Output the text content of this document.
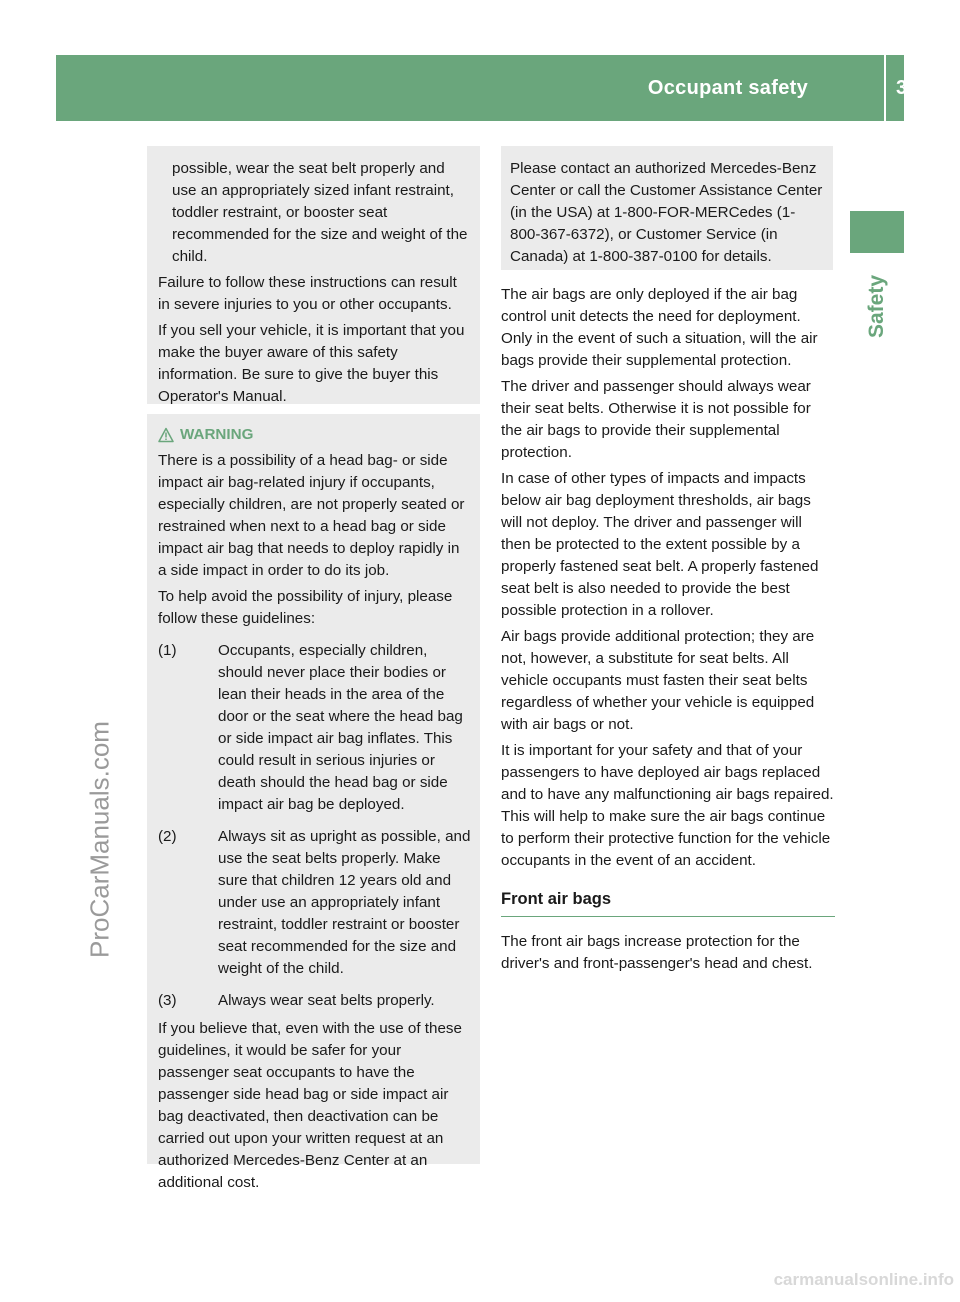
Occupant safety	39
Safety
ProCarManuals.com

possible, wear the seat belt properly and use an appropriately sized infant restraint, toddler restraint, or booster seat recommended for the size and weight of the child.

Failure to follow these instructions can result in severe injuries to you or other occupants.

If you sell your vehicle, it is important that you make the buyer aware of this safety information. Be sure to give the buyer this Operator's Manual.

WARNING

There is a possibility of a head bag- or side impact air bag-related injury if occupants, especially children, are not properly seated or restrained when next to a head bag or side impact air bag that needs to deploy rapidly in a side impact in order to do its job.

To help avoid the possibility of injury, please follow these guidelines:

(1)	Occupants, especially children, should never place their bodies or lean their heads in the area of the door or the seat where the head bag or side impact air bag inflates. This could result in serious injuries or death should the head bag or side impact air bag be deployed.
(2)	Always sit as upright as possible, and use the seat belts properly. Make sure that children 12 years old and under use an appropriately infant restraint, toddler restraint or booster seat recommended for the size and weight of the child.
(3)	Always wear seat belts properly.

If you believe that, even with the use of these guidelines, it would be safer for your passenger seat occupants to have the passenger side head bag or side impact air bag deactivated, then deactivation can be carried out upon your written request at an authorized Mercedes-Benz Center at an additional cost.

Please contact an authorized Mercedes-Benz Center or call the Customer Assistance Center (in the USA) at 1-800-FOR-MERCedes (1-800-367-6372), or Customer Service (in Canada) at 1-800-387-0100 for details.

The air bags are only deployed if the air bag control unit detects the need for deployment. Only in the event of such a situation, will the air bags provide their supplemental protection.

The driver and passenger should always wear their seat belts. Otherwise it is not possible for the air bags to provide their supplemental protection.

In case of other types of impacts and impacts below air bag deployment thresholds, air bags will not deploy. The driver and passenger will then be protected to the extent possible by a properly fastened seat belt. A properly fastened seat belt is also needed to provide the best possible protection in a rollover.

Air bags provide additional protection; they are not, however, a substitute for seat belts. All vehicle occupants must fasten their seat belts regardless of whether your vehicle is equipped with air bags or not.

It is important for your safety and that of your passengers to have deployed air bags replaced and to have any malfunctioning air bags repaired. This will help to make sure the air bags continue to perform their protective function for the vehicle occupants in the event of an accident.

Front air bags

The front air bags increase protection for the driver's and front-passenger's head and chest.

carmanualsonline.info
